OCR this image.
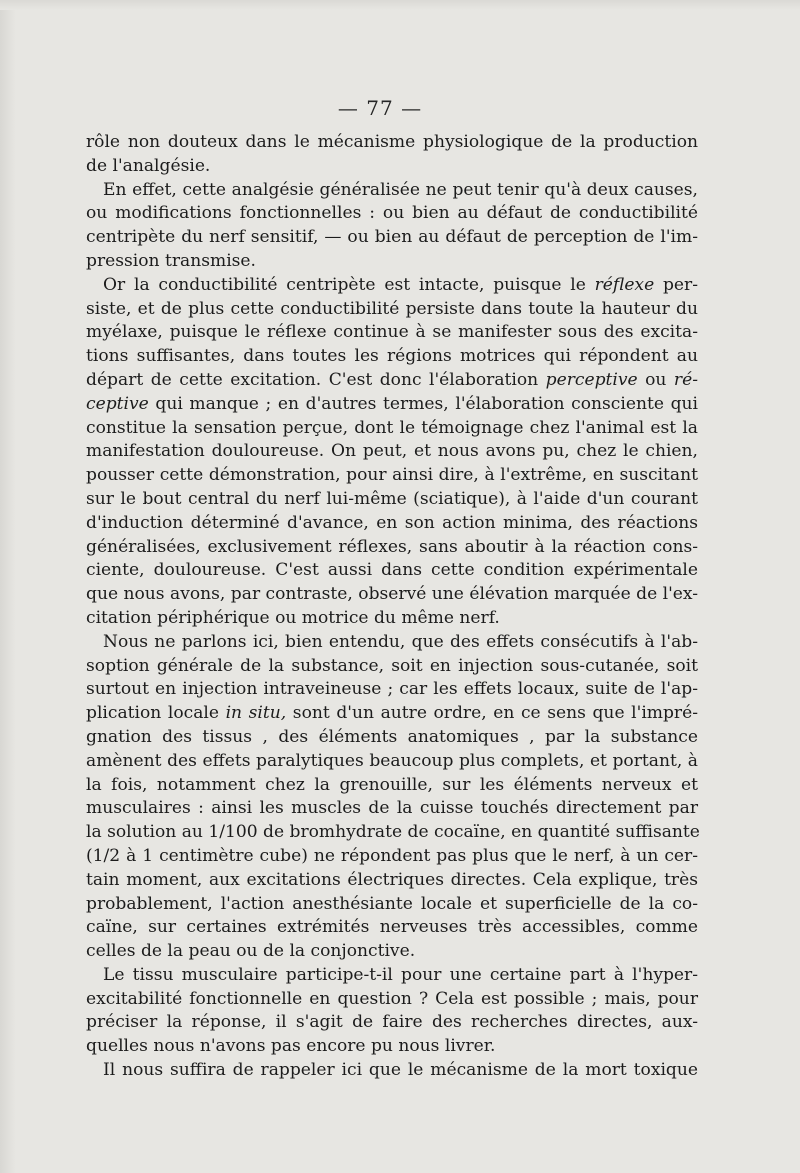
— 77 —
rôle non douteux dans le mécanisme physiologique de la production
de l'analgésie.
En effet, cette analgésie généralisée ne peut tenir qu'à deux causes,
ou modifications fonctionnelles : ou bien au défaut de conductibilité
centripète du nerf sensitif, — ou bien au défaut de perception de l'im-
pression transmise.
Or la conductibilité centripète est intacte, puisque le réflexe per-
siste, et de plus cette conductibilité persiste dans toute la hauteur du
myélaxe, puisque le réflexe continue à se manifester sous des excita-
tions suffisantes, dans toutes les régions motrices qui répondent au
départ de cette excitation. C'est donc l'élaboration perceptive ou ré-
ceptive qui manque ; en d'autres termes, l'élaboration consciente qui
constitue la sensation perçue, dont le témoignage chez l'animal est la
manifestation douloureuse. On peut, et nous avons pu, chez le chien,
pousser cette démonstration, pour ainsi dire, à l'extrême, en suscitant
sur le bout central du nerf lui-même (sciatique), à l'aide d'un courant
d'induction déterminé d'avance, en son action minima, des réactions
généralisées, exclusivement réflexes, sans aboutir à la réaction cons-
ciente, douloureuse. C'est aussi dans cette condition expérimentale
que nous avons, par contraste, observé une élévation marquée de l'ex-
citation périphérique ou motrice du même nerf.
Nous ne parlons ici, bien entendu, que des effets consécutifs à l'ab-
soption générale de la substance, soit en injection sous-cutanée, soit
surtout en injection intraveineuse ; car les effets locaux, suite de l'ap-
plication locale in situ, sont d'un autre ordre, en ce sens que l'impré-
gnation des tissus , des éléments anatomiques , par la substance
amènent des effets paralytiques beaucoup plus complets, et portant, à
la fois, notamment chez la grenouille, sur les éléments nerveux et
musculaires : ainsi les muscles de la cuisse touchés directement par
la solution au 1/100 de bromhydrate de cocaïne, en quantité suffisante
(1/2 à 1 centimètre cube) ne répondent pas plus que le nerf, à un cer-
tain moment, aux excitations électriques directes. Cela explique, très
probablement, l'action anesthésiante locale et superficielle de la co-
caïne, sur certaines extrémités nerveuses très accessibles, comme
celles de la peau ou de la conjonctive.
Le tissu musculaire participe-t-il pour une certaine part à l'hyper-
excitabilité fonctionnelle en question ? Cela est possible ; mais, pour
préciser la réponse, il s'agit de faire des recherches directes, aux-
quelles nous n'avons pas encore pu nous livrer.
Il nous suffira de rappeler ici que le mécanisme de la mort toxique
